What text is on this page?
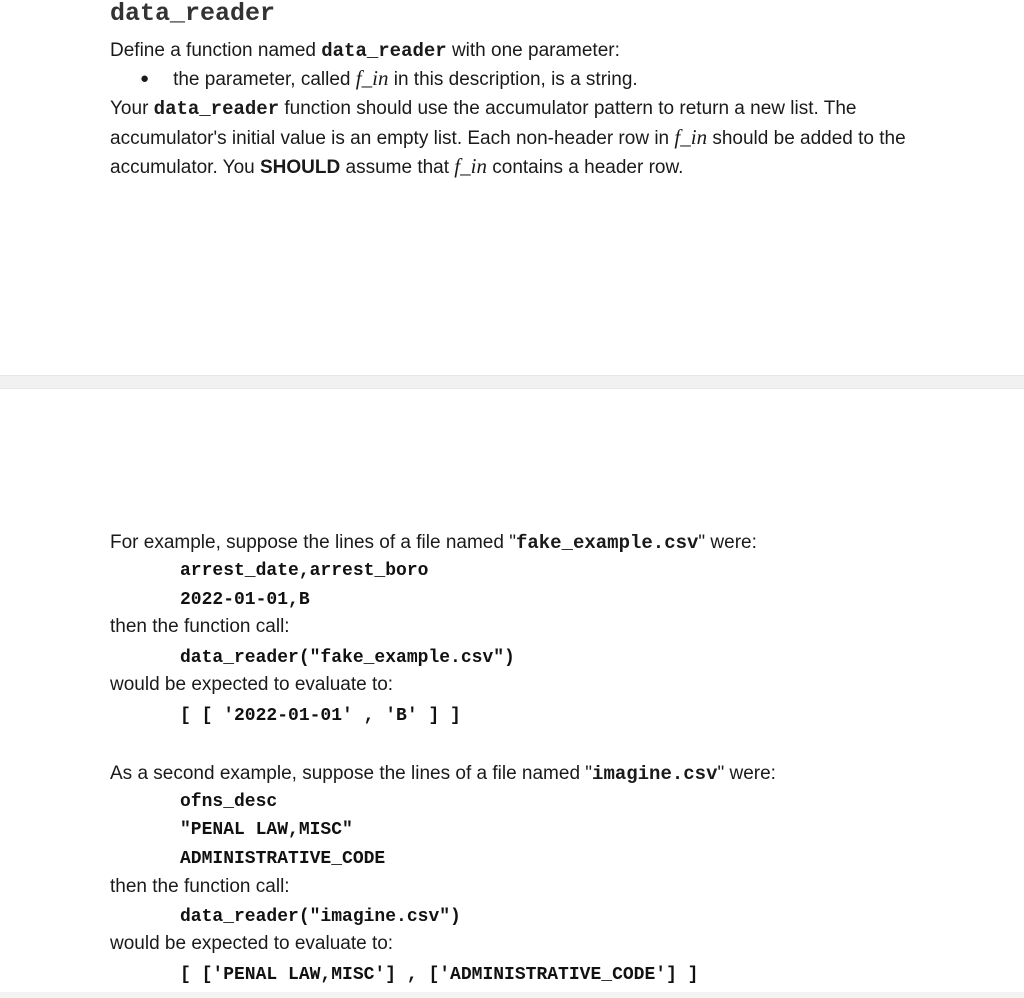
data_reader
Define a function named data_reader with one parameter:
● the parameter, called f_in in this description, is a string.
Your data_reader function should use the accumulator pattern to return a new list. The
accumulator's initial value is an empty list. Each non-header row in f_in should be added to the
accumulator. You SHOULD assume that f_in contains a header row.
For example, suppose the lines of a file named "fake_example.csv" were:
arrest_date,arrest_boro
2022-01-01,B
then the function call:
data_reader("fake_example.csv")
would be expected to evaluate to:
[ [ '2022-01-01' , 'B' ] ]
As a second example, suppose the lines of a file named "imagine.csv" were:
ofns_desc
"PENAL LAW,MISC"
ADMINISTRATIVE_CODE
then the function call:
data_reader("imagine.csv")
would be expected to evaluate to:
[ ['PENAL LAW,MISC'] , ['ADMINISTRATIVE_CODE'] ]
